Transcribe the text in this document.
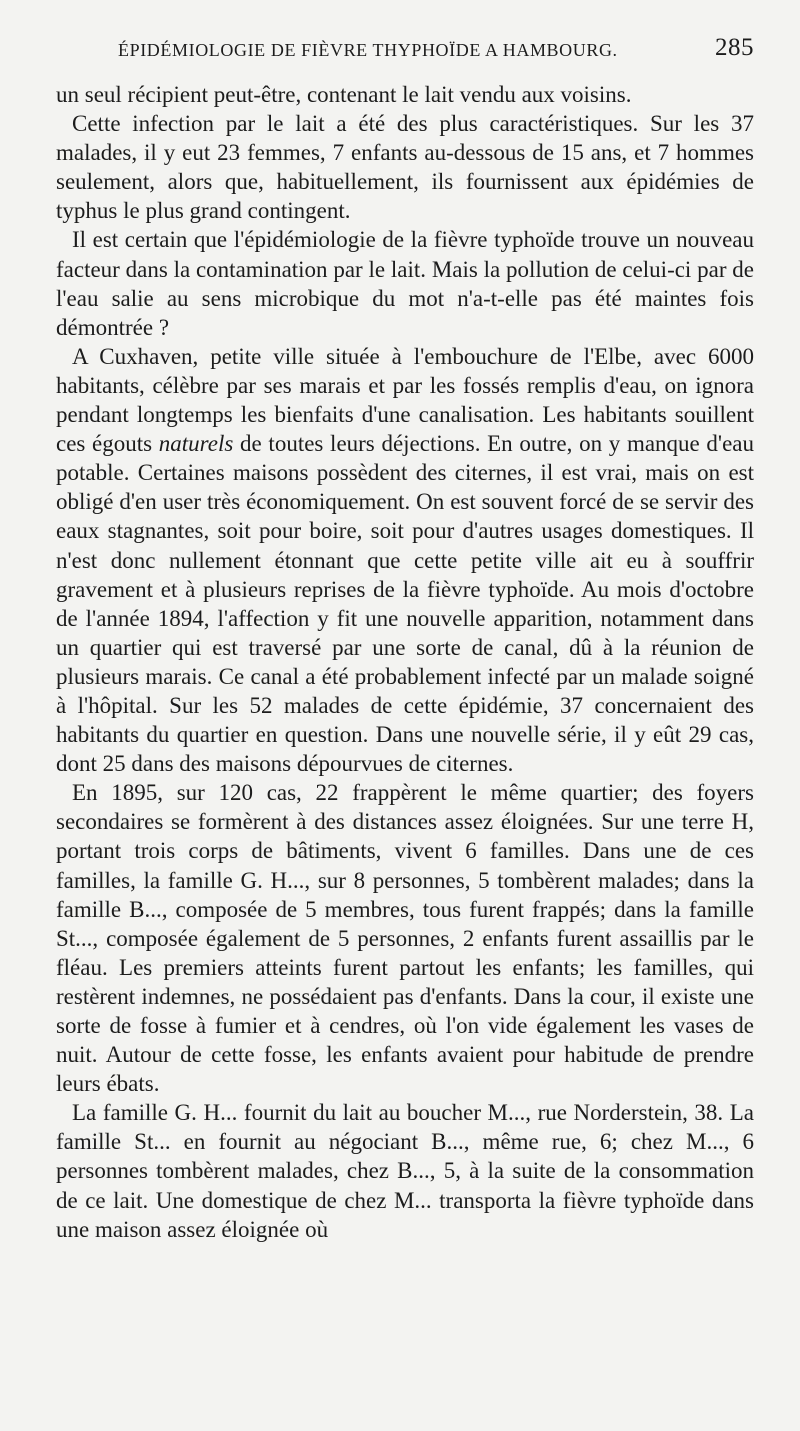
ÉPIDÉMIOLOGIE DE FIÈVRE THYPHOÏDE A HAMBOURG.	285

un seul récipient peut-être, contenant le lait vendu aux voisins.

Cette infection par le lait a été des plus caractéristiques. Sur les 37 malades, il y eut 23 femmes, 7 enfants au-dessous de 15 ans, et 7 hommes seulement, alors que, habituellement, ils fournissent aux épidémies de typhus le plus grand contingent.

Il est certain que l'épidémiologie de la fièvre typhoïde trouve un nouveau facteur dans la contamination par le lait. Mais la pollution de celui-ci par de l'eau salie au sens microbique du mot n'a-t-elle pas été maintes fois démontrée ?

A Cuxhaven, petite ville située à l'embouchure de l'Elbe, avec 6000 habitants, célèbre par ses marais et par les fossés remplis d'eau, on ignora pendant longtemps les bienfaits d'une canalisation. Les habitants souillent ces égouts naturels de toutes leurs déjections. En outre, on y manque d'eau potable. Certaines maisons possèdent des citernes, il est vrai, mais on est obligé d'en user très économiquement. On est souvent forcé de se servir des eaux stagnantes, soit pour boire, soit pour d'autres usages domestiques. Il n'est donc nullement étonnant que cette petite ville ait eu à souffrir gravement et à plusieurs reprises de la fièvre typhoïde. Au mois d'octobre de l'année 1894, l'affection y fit une nouvelle apparition, notamment dans un quartier qui est traversé par une sorte de canal, dû à la réunion de plusieurs marais. Ce canal a été probablement infecté par un malade soigné à l'hôpital. Sur les 52 malades de cette épidémie, 37 concernaient des habitants du quartier en question. Dans une nouvelle série, il y eût 29 cas, dont 25 dans des maisons dépourvues de citernes.

En 1895, sur 120 cas, 22 frappèrent le même quartier; des foyers secondaires se formèrent à des distances assez éloignées. Sur une terre H, portant trois corps de bâtiments, vivent 6 familles. Dans une de ces familles, la famille G. H..., sur 8 personnes, 5 tombèrent malades; dans la famille B..., composée de 5 membres, tous furent frappés; dans la famille St..., composée également de 5 personnes, 2 enfants furent assaillis par le fléau. Les premiers atteints furent partout les enfants; les familles, qui restèrent indemnes, ne possédaient pas d'enfants. Dans la cour, il existe une sorte de fosse à fumier et à cendres, où l'on vide également les vases de nuit. Autour de cette fosse, les enfants avaient pour habitude de prendre leurs ébats.

La famille G. H... fournit du lait au boucher M..., rue Norderstein, 38. La famille St... en fournit au négociant B..., même rue, 6; chez M..., 6 personnes tombèrent malades, chez B..., 5, à la suite de la consommation de ce lait. Une domestique de chez M... transporta la fièvre typhoïde dans une maison assez éloignée où
